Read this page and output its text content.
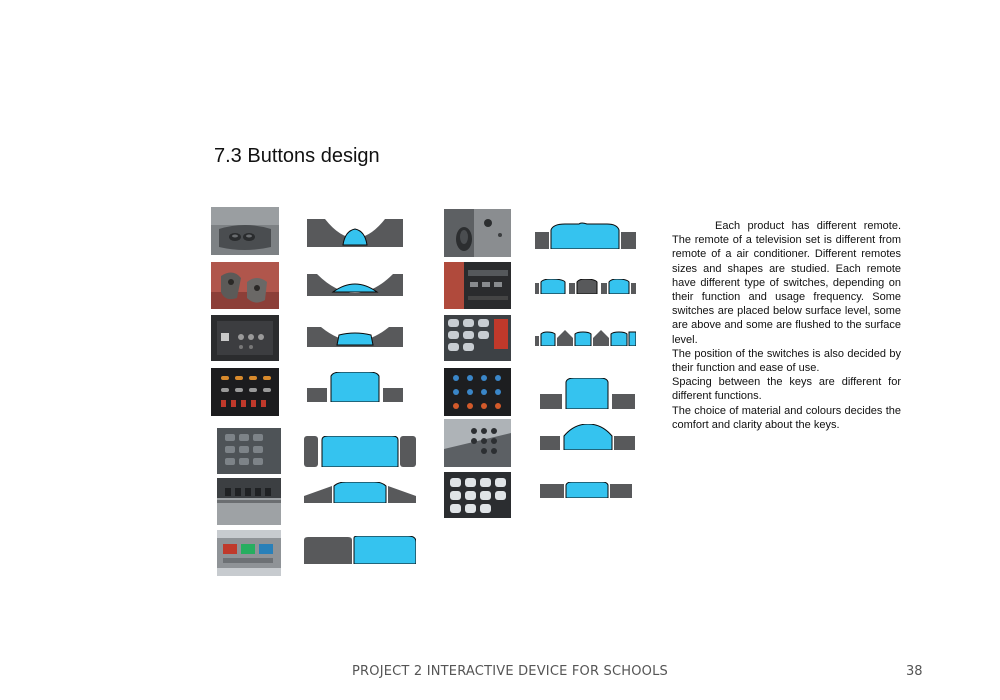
7.3 Buttons design

Each product has different remote. The remote of a television set is different from remote of a air conditioner. Different remotes sizes and shapes are studied. Each remote have different type of switches, depending on their function and usage frequency. Some switches are placed below surface level, some are above and some are flushed to the surface level.

The position of the switches is also decided by their function and ease of use.

Spacing between the keys are different for different functions.

The choice of material and colours decides the comfort and clarity about the keys.

PROJECT 2 INTERACTIVE DEVICE FOR SCHOOLS	38
